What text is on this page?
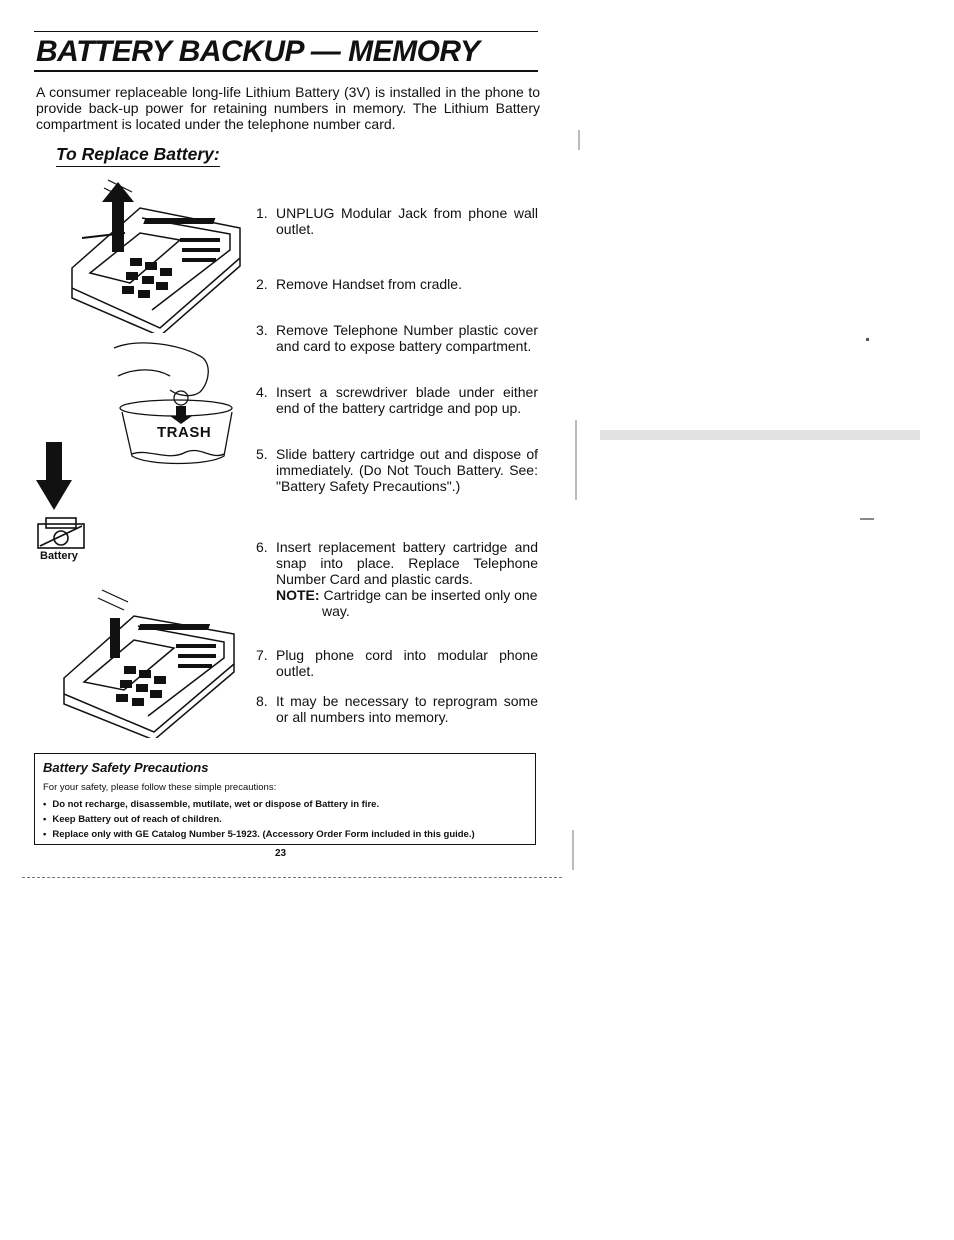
BATTERY BACKUP — MEMORY

A consumer replaceable long-life Lithium Battery (3V) is installed in the phone to provide back-up power for retaining numbers in memory. The Lithium Battery compartment is located under the telephone number card.

To Replace Battery:
TRASH
Battery
1. UNPLUG Modular Jack from phone wall outlet.
2. Remove Handset from cradle.
3. Remove Telephone Number plastic cover and card to expose battery compartment.
4. Insert a screwdriver blade under either end of the battery cartridge and pop up.
5. Slide battery cartridge out and dispose of immediately. (Do Not Touch Battery. See: "Battery Safety Precautions".)
6. Insert replacement battery cartridge and snap into place. Replace Telephone Number Card and plastic cards.
NOTE: Cartridge can be inserted only one
way.
7. Plug phone cord into modular phone outlet.
8. It may be necessary to reprogram some or all numbers into memory.
Battery Safety Precautions
For your safety, please follow these simple precautions:
• Do not recharge, disassemble, mutilate, wet or dispose of Battery in fire.
• Keep Battery out of reach of children.
• Replace only with GE Catalog Number 5-1923. (Accessory Order Form included in this guide.)
23
